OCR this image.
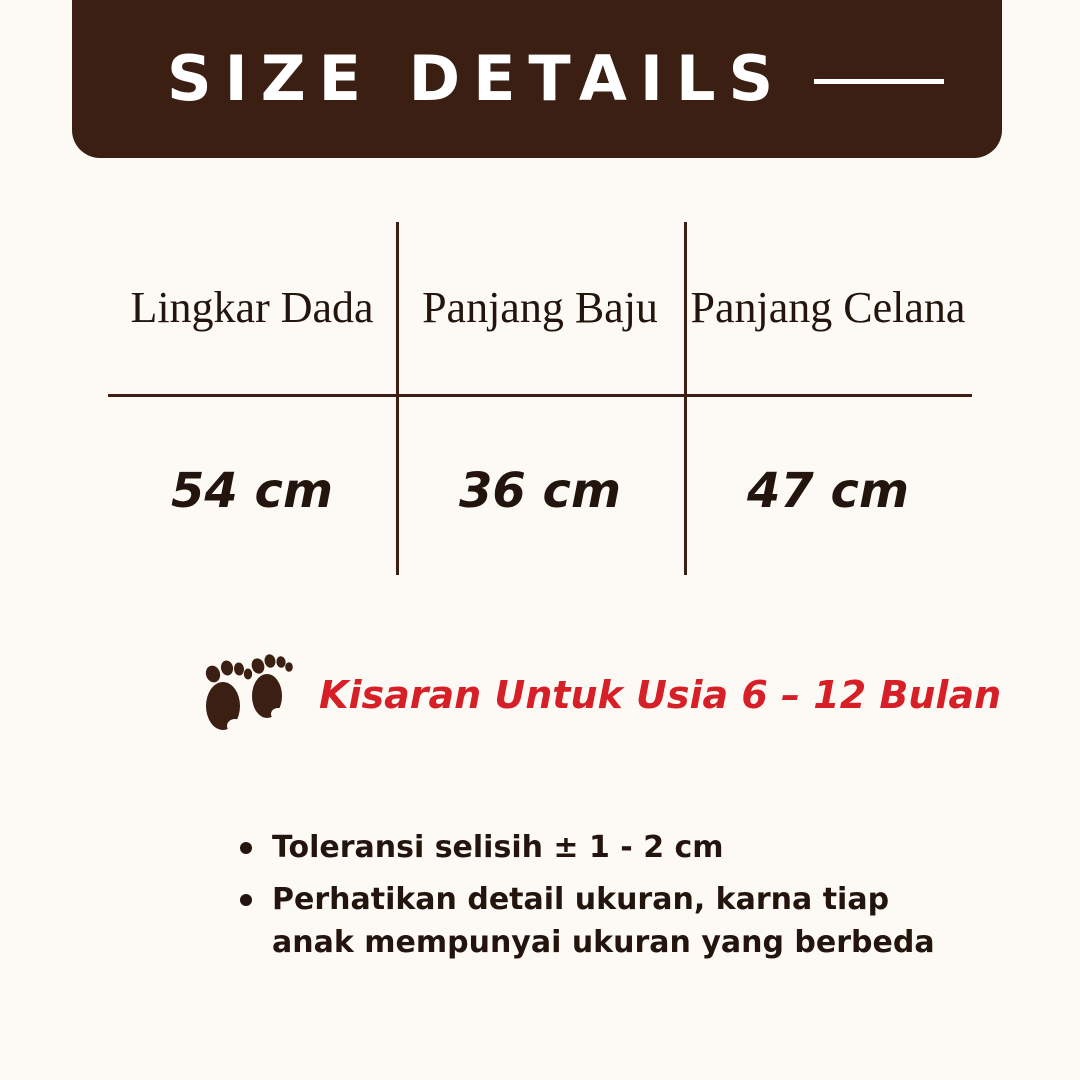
SIZE DETAILS
Lingkar Dada Panjang Baju Panjang Celana
54 cm	36 cm	47 cm
Kisaran Untuk Usia 6 – 12 Bulan
Toleransi selisih ± 1 - 2 cm
Perhatikan detail ukuran, karna tiap anak mempunyai ukuran yang berbeda
